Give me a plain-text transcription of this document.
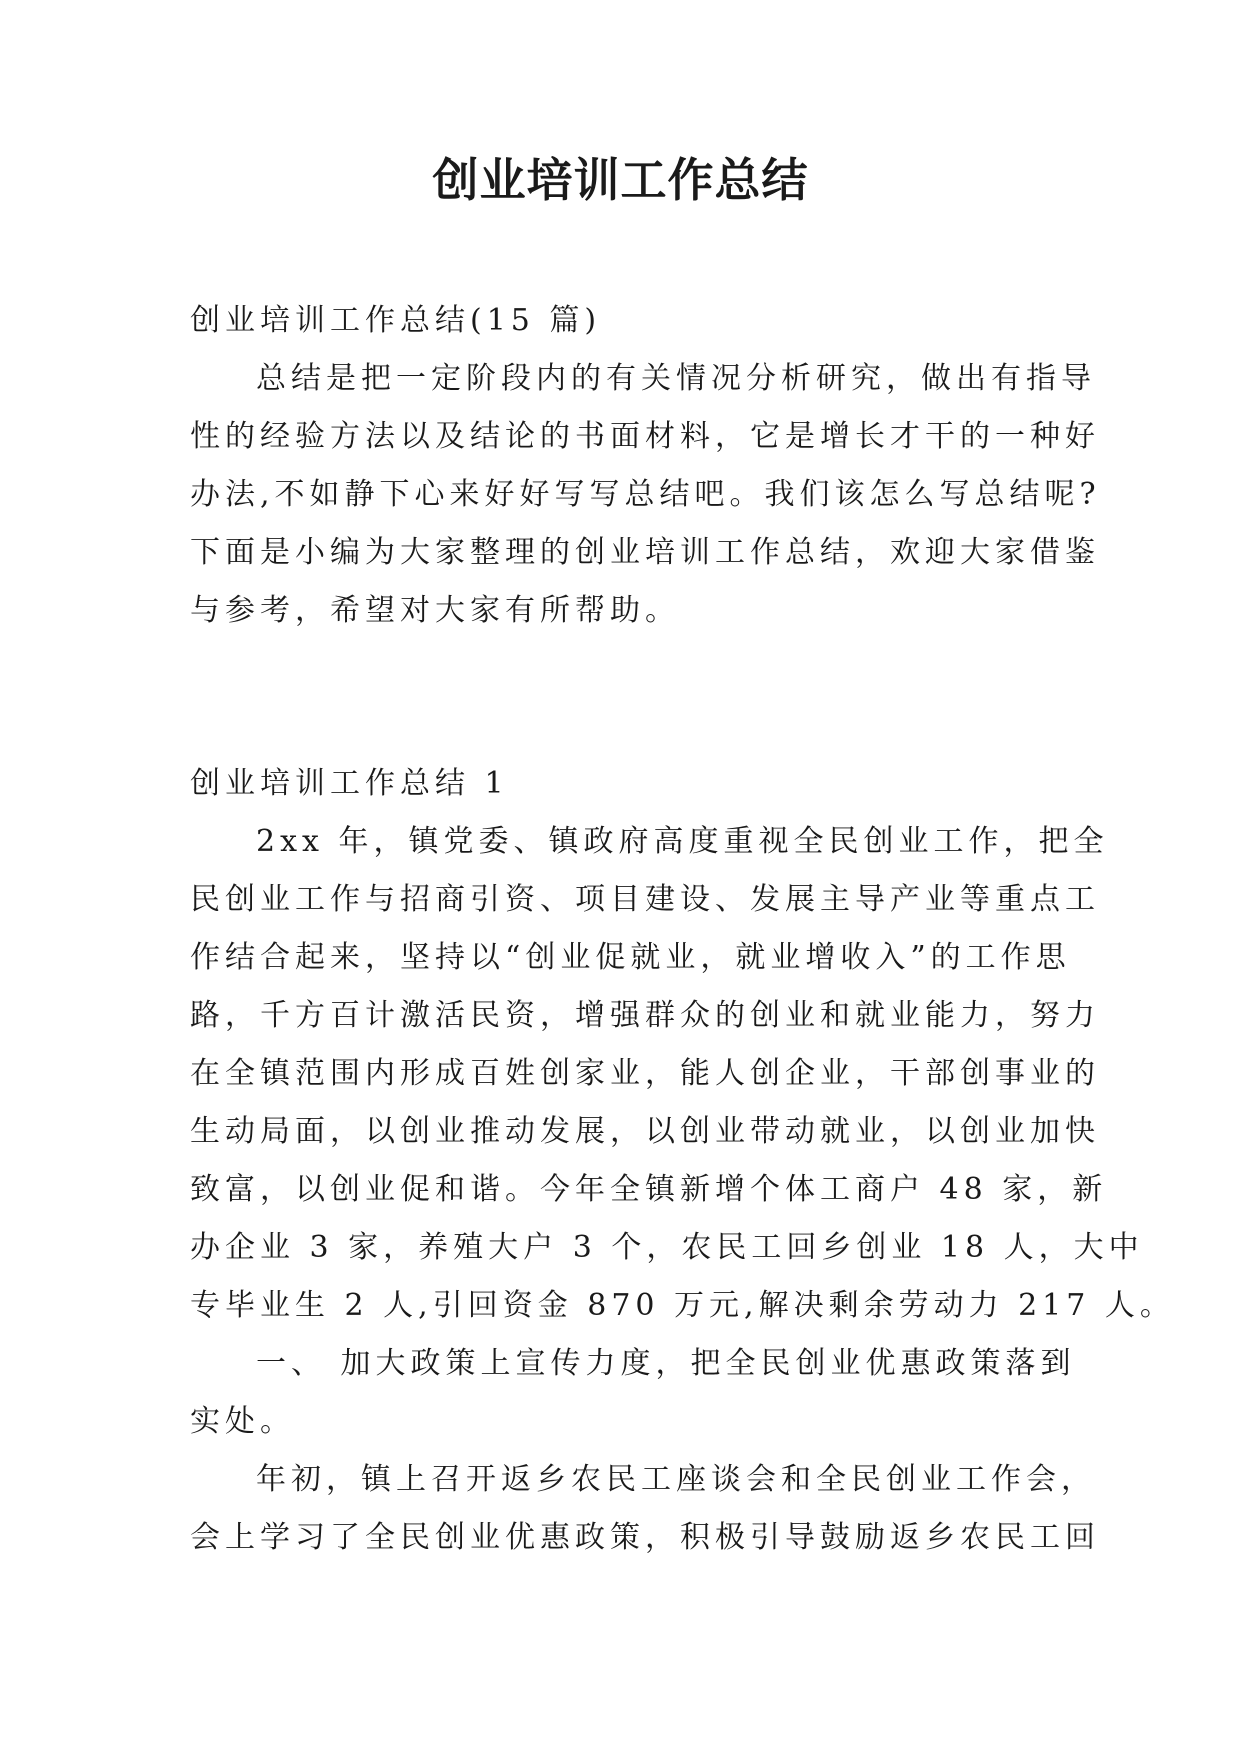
创业培训工作总结
创业培训工作总结(15 篇)
总结是把一定阶段内的有关情况分析研究，做出有指导
性的经验方法以及结论的书面材料，它是增长才干的一种好
办法,不如静下心来好好写写总结吧。我们该怎么写总结呢?
下面是小编为大家整理的创业培训工作总结，欢迎大家借鉴
与参考，希望对大家有所帮助。
创业培训工作总结 1
2xx 年，镇党委、镇政府高度重视全民创业工作，把全
民创业工作与招商引资、项目建设、发展主导产业等重点工
作结合起来，坚持以“创业促就业，就业增收入”的工作思
路，千方百计激活民资，增强群众的创业和就业能力，努力
在全镇范围内形成百姓创家业，能人创企业，干部创事业的
生动局面，以创业推动发展，以创业带动就业，以创业加快
致富，以创业促和谐。今年全镇新增个体工商户 48 家，新
办企业 3 家，养殖大户 3 个，农民工回乡创业 18 人，大中
专毕业生 2 人,引回资金 870 万元,解决剩余劳动力 217 人。
一、 加大政策上宣传力度，把全民创业优惠政策落到
实处。
年初，镇上召开返乡农民工座谈会和全民创业工作会，
会上学习了全民创业优惠政策，积极引导鼓励返乡农民工回
